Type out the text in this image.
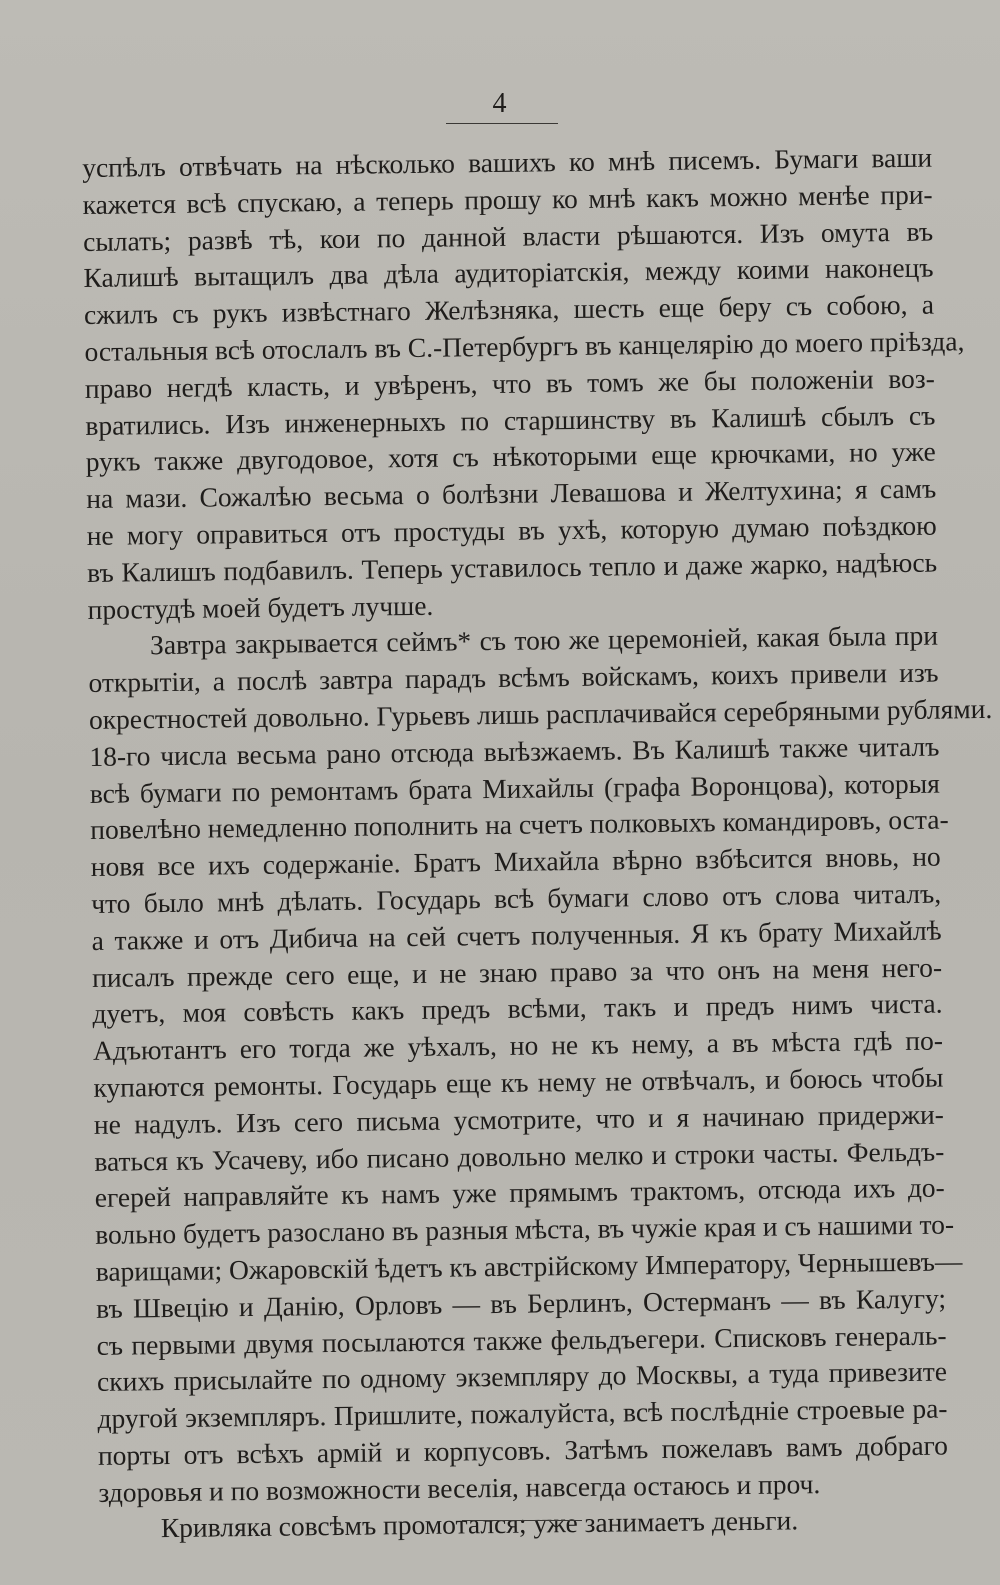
4
успѣлъ отвѣчать на нѣсколько вашихъ ко мнѣ писемъ. Бумаги ваши
кажется всѣ спускаю, а теперь прошу ко мнѣ какъ можно менѣе при-
сылать; развѣ тѣ, кои по данной власти рѣшаются. Изъ омута въ
Калишѣ вытащилъ два дѣла аудиторіатскія, между коими наконецъ
сжилъ съ рукъ извѣстнаго Желѣзняка, шесть еще беру съ собою, а
остальныя всѣ отослалъ въ С.-Петербургъ въ канцелярію до моего пріѣзда,
право негдѣ класть, и увѣренъ, что въ томъ же бы положеніи воз-
вратились. Изъ инженерныхъ по старшинству въ Калишѣ сбылъ съ
рукъ также двугодовое, хотя съ нѣкоторыми еще крючками, но уже
на мази. Сожалѣю весьма о болѣзни Левашова и Желтухина; я самъ
не могу оправиться отъ простуды въ ухѣ, которую думаю поѣздкою
въ Калишъ подбавилъ. Теперь уставилось тепло и даже жарко, надѣюсь
простудѣ моей будетъ лучше.
Завтра закрывается сеймъ* съ тою же церемоніей, какая была при
открытіи, а послѣ завтра парадъ всѣмъ войскамъ, коихъ привели изъ
окрестностей довольно. Гурьевъ лишь расплачивайся серебряными рублями.
18-го числа весьма рано отсюда выѣзжаемъ. Въ Калишѣ также читалъ
всѣ бумаги по ремонтамъ брата Михайлы (графа Воронцова), которыя
повелѣно немедленно пополнить на счетъ полковыхъ командировъ, оста-
новя все ихъ содержаніе. Братъ Михайла вѣрно взбѣсится вновь, но
что было мнѣ дѣлать. Государь всѣ бумаги слово отъ слова читалъ,
а также и отъ Дибича на сей счетъ полученныя. Я къ брату Михайлѣ
писалъ прежде сего еще, и не знаю право за что онъ на меня него-
дуетъ, моя совѣсть какъ предъ всѣми, такъ и предъ нимъ чиста.
Адъютантъ его тогда же уѣхалъ, но не къ нему, а въ мѣста гдѣ по-
купаются ремонты. Государь еще къ нему не отвѣчалъ, и боюсь чтобы
не надулъ. Изъ сего письма усмотрите, что и я начинаю придержи-
ваться къ Усачеву, ибо писано довольно мелко и строки часты. Фельдъ-
егерей направляйте къ намъ уже прямымъ трактомъ, отсюда ихъ до-
вольно будетъ разослано въ разныя мѣста, въ чужіе края и съ нашими то-
варищами; Ожаровскій ѣдетъ къ австрійскому Императору, Чернышевъ—
въ Швецію и Данію, Орловъ — въ Берлинъ, Остерманъ — въ Калугу;
съ первыми двумя посылаются также фельдъегери. Списковъ генераль-
скихъ присылайте по одному экземпляру до Москвы, а туда привезите
другой экземпляръ. Пришлите, пожалуйста, всѣ послѣдніе строевые ра-
порты отъ всѣхъ армій и корпусовъ. Затѣмъ пожелавъ вамъ добраго
здоровья и по возможности веселія, навсегда остаюсь и проч.
Кривляка совсѣмъ промотался; уже занимаетъ деньги.
